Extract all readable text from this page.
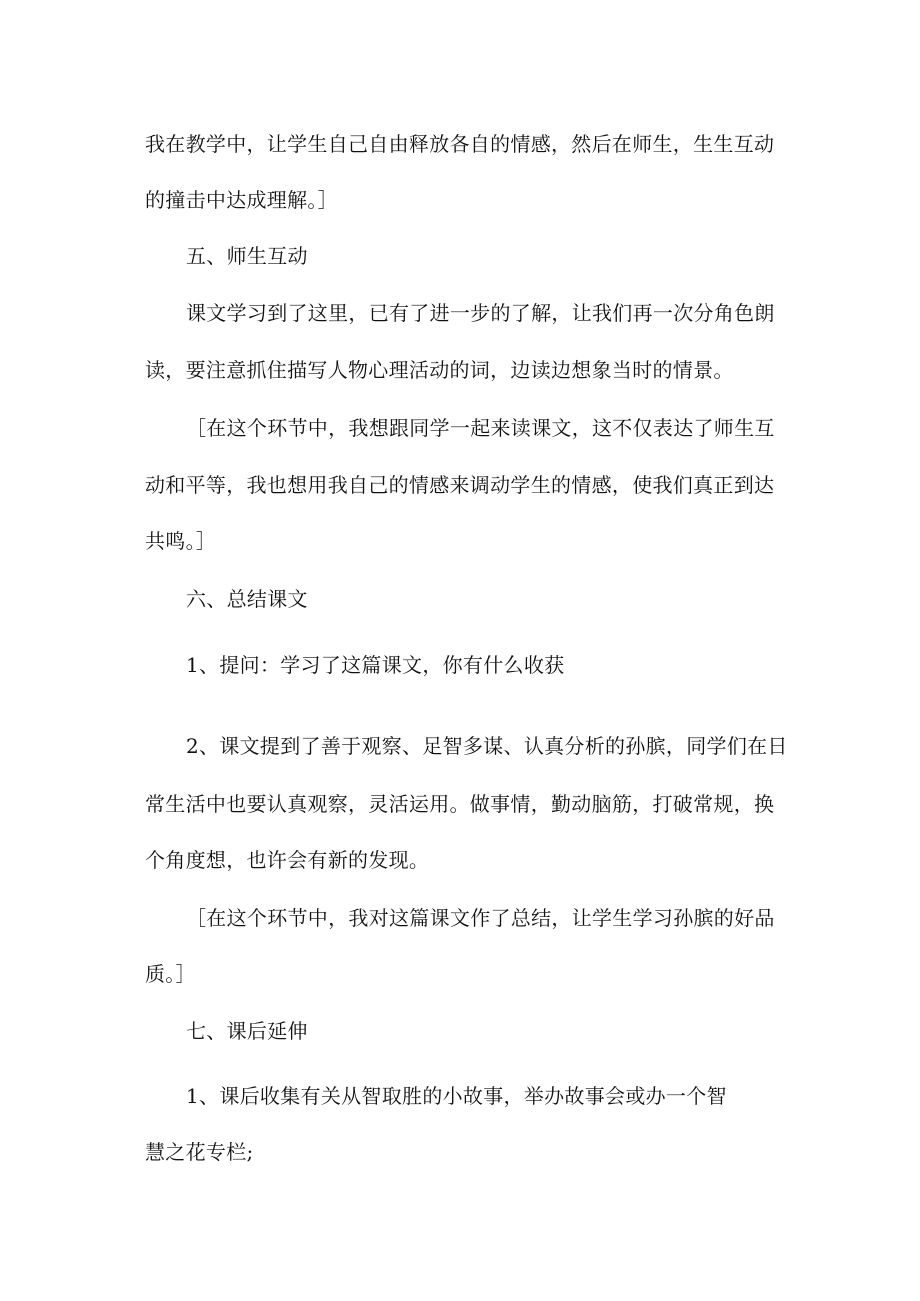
我在教学中，让学生自己自由释放各自的情感，然后在师生，生生互动
的撞击中达成理解。］
五、师生互动
课文学习到了这里，已有了进一步的了解，让我们再一次分角色朗
读，要注意抓住描写人物心理活动的词，边读边想象当时的情景。
［在这个环节中，我想跟同学一起来读课文，这不仅表达了师生互
动和平等，我也想用我自己的情感来调动学生的情感，使我们真正到达
共鸣。］
六、总结课文
1、提问：学习了这篇课文，你有什么收获
2、课文提到了善于观察、足智多谋、认真分析的孙膑，同学们在日
常生活中也要认真观察，灵活运用。做事情，勤动脑筋，打破常规，换
个角度想，也许会有新的发现。
［在这个环节中，我对这篇课文作了总结，让学生学习孙膑的好品
质。］
七、课后延伸
1、课后收集有关从智取胜的小故事，举办故事会或办一个智
慧之花专栏;
